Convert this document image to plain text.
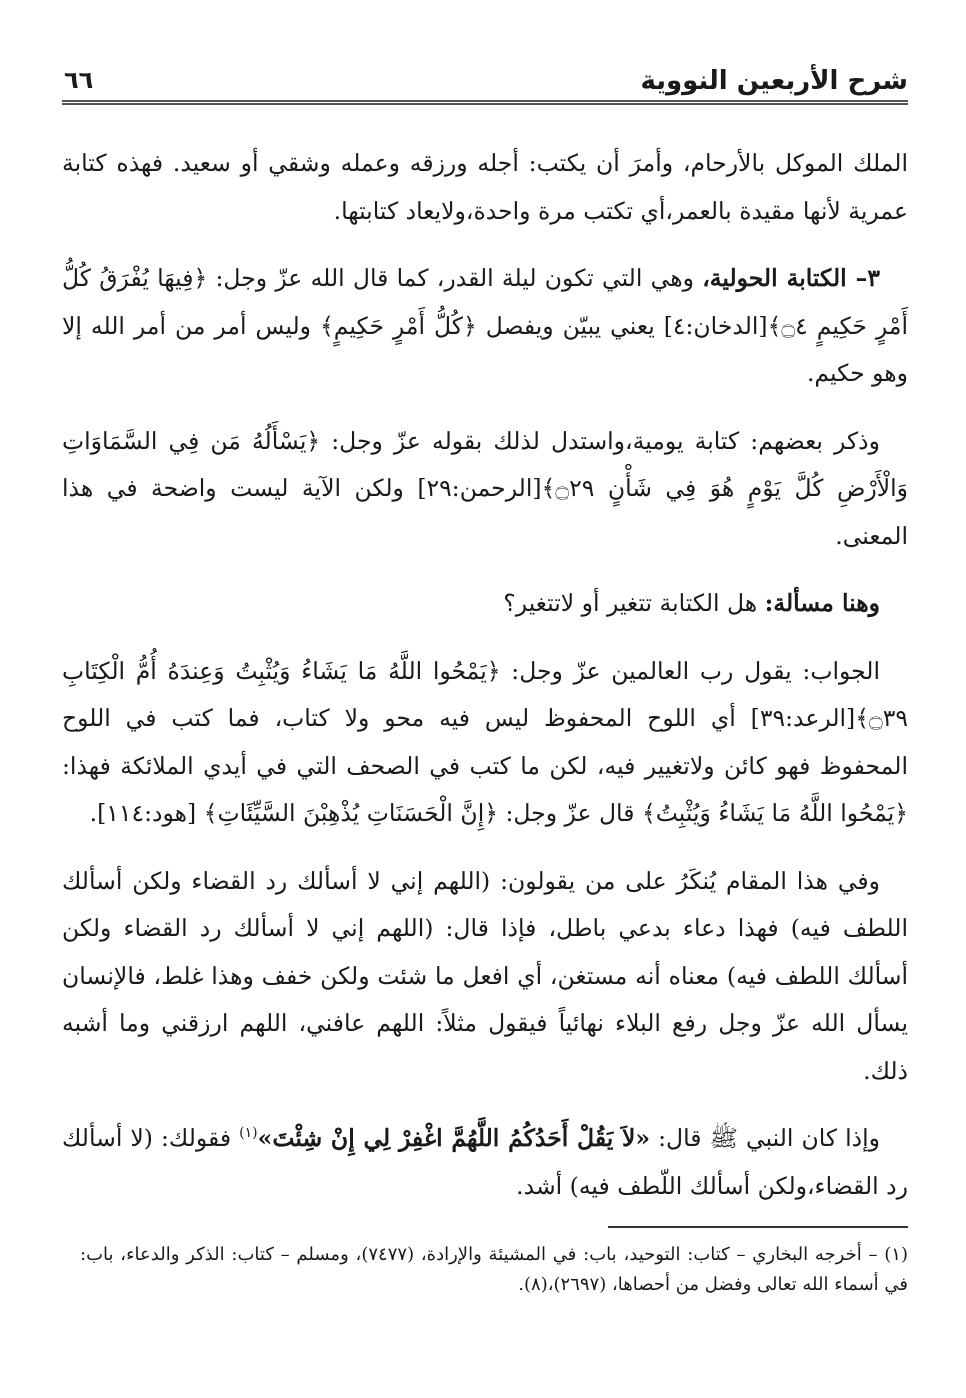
شرح الأربعين النووية
٦٦

الملك الموكل بالأرحام، وأمرَ أن يكتب: أجله ورزقه وعمله وشقي أو سعيد. فهذه كتابة عمرية لأنها مقيدة بالعمر،أي تكتب مرة واحدة،ولايعاد كتابتها.

٣– الكتابة الحولية، وهي التي تكون ليلة القدر، كما قال الله عزّ وجل: ﴿فِيهَا يُفْرَقُ كُلُّ أَمْرٍ حَكِيمٍ ۝٤﴾[الدخان:٤] يعني يبيّن ويفصل ﴿كُلُّ أَمْرٍ حَكِيمٍ﴾ وليس أمر من أمر الله إلا وهو حكيم.

وذكر بعضهم: كتابة يومية،واستدل لذلك بقوله عزّ وجل: ﴿يَسْأَلُهُ مَن فِي السَّمَاوَاتِ وَالْأَرْضِ كُلَّ يَوْمٍ هُوَ فِي شَأْنٍ ۝٢٩﴾[الرحمن:٢٩] ولكن الآية ليست واضحة في هذا المعنى.

وهنا مسألة: هل الكتابة تتغير أو لاتتغير؟

الجواب: يقول رب العالمين عزّ وجل: ﴿يَمْحُوا اللَّهُ مَا يَشَاءُ وَيُثْبِتُ وَعِندَهُ أُمُّ الْكِتَابِ ۝٣٩﴾[الرعد:٣٩] أي اللوح المحفوظ ليس فيه محو ولا كتاب، فما كتب في اللوح المحفوظ فهو كائن ولاتغيير فيه، لكن ما كتب في الصحف التي في أيدي الملائكة فهذا: ﴿يَمْحُوا اللَّهُ مَا يَشَاءُ وَيُثْبِتُ﴾ قال عزّ وجل: ﴿إِنَّ الْحَسَنَاتِ يُذْهِبْنَ السَّيِّئَاتِ﴾ [هود:١١٤].

وفي هذا المقام يُنكَرُ على من يقولون: (اللهم إني لا أسألك رد القضاء ولكن أسألك اللطف فيه) فهذا دعاء بدعي باطل، فإذا قال: (اللهم إني لا أسألك رد القضاء ولكن أسألك اللطف فيه) معناه أنه مستغن، أي افعل ما شئت ولكن خفف وهذا غلط، فالإنسان يسأل الله عزّ وجل رفع البلاء نهائياً فيقول مثلاً: اللهم عافني، اللهم ارزقني وما أشبه ذلك.

وإذا كان النبي ﷺ قال: «لاَ يَقُلْ أَحَدُكُمُ اللَّهُمَّ اغْفِرْ لِي إِنْ شِئْتَ»$^{(١)}$ فقولك: (لا أسألك رد القضاء،ولكن أسألك اللّطف فيه) أشد.

(١) – أخرجه البخاري – كتاب: التوحيد، باب: في المشيئة والإرادة، (٧٤٧٧)، ومسلم – كتاب: الذكر والدعاء، باب: في أسماء الله تعالى وفضل من أحصاها، (٢٦٩٧)،(٨).
